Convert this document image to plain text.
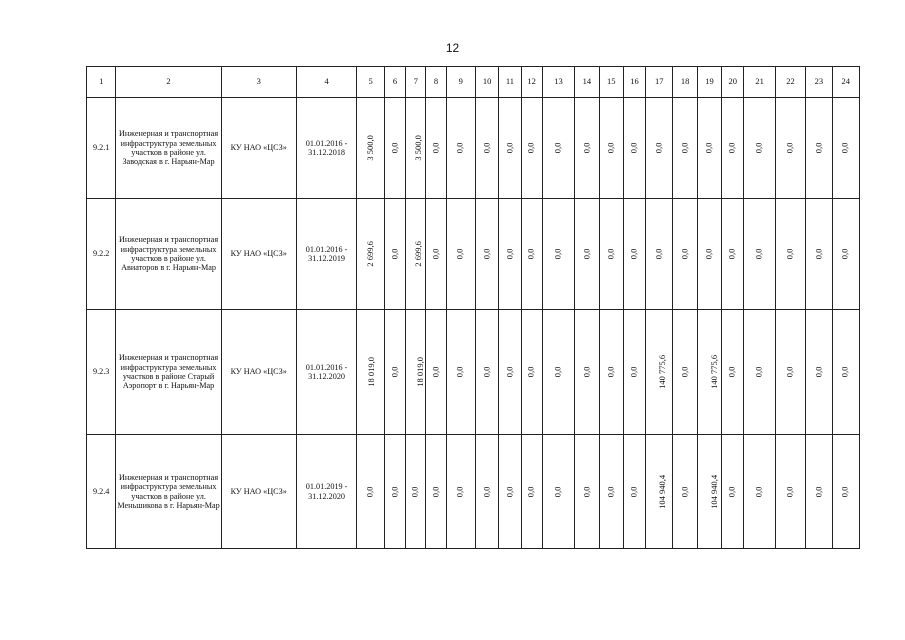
12
1	2	3	4	5	6	7	8	9	10	11	12	13	14	15	16	17	18	19	20	21	22	23	24
9.2.1	Инженерная и транспортная инфраструктура земельных участков в районе ул. Заводская в г. Нарьян-Мар	КУ НАО «ЦСЗ»	01.01.2016 - 31.12.2018	3 500,0	0,0	3 500,0	0,0	0,0	0,0	0,0	0,0	0,0	0,0	0,0	0,0	0,0	0,0	0,0	0,0	0,0	0,0	0,0	0,0
9.2.2	Инженерная и транспортная инфраструктура земельных участков в районе ул. Авиаторов в г. Нарьян-Мар	КУ НАО «ЦСЗ»	01.01.2016 - 31.12.2019	2 699,6	0,0	2 699,6	0,0	0,0	0,0	0,0	0,0	0,0	0,0	0,0	0,0	0,0	0,0	0,0	0,0	0,0	0,0	0,0	0,0
9.2.3	Инженерная и транспортная инфраструктура земельных участков в районе Старый Аэропорт в г. Нарьян-Мар	КУ НАО «ЦСЗ»	01.01.2016 - 31.12.2020	18 019,0	0,0	18 019,0	0,0	0,0	0,0	0,0	0,0	0,0	0,0	0,0	0,0	140 775,6	0,0	140 775,6	0,0	0,0	0,0	0,0	0,0
9.2.4	Инженерная и транспортная инфраструктура земельных участков в районе ул. Меньшикова в г. Нарьян-Мар	КУ НАО «ЦСЗ»	01.01.2019 - 31.12.2020	0,0	0,0	0,0	0,0	0,0	0,0	0,0	0,0	0,0	0,0	0,0	0,0	104 940,4	0,0	104 940,4	0,0	0,0	0,0	0,0	0,0
